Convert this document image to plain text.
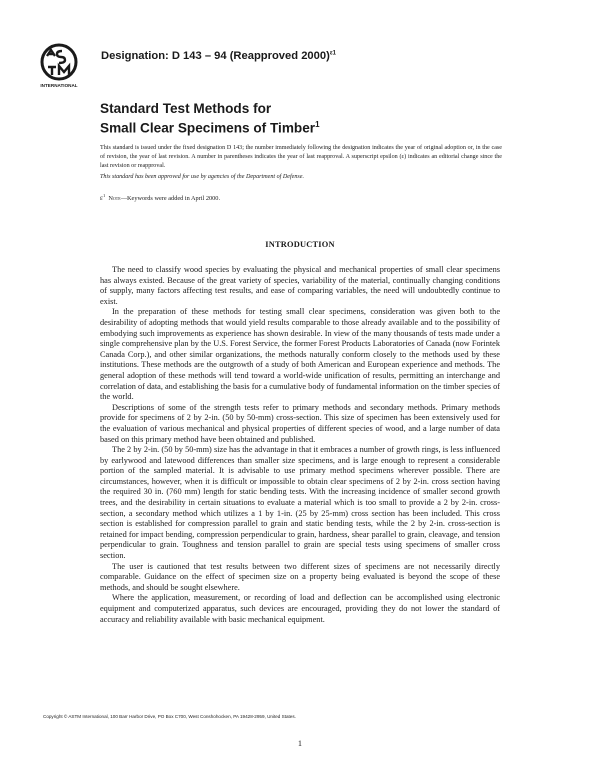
INTERNATIONAL
Designation: D 143 – 94 (Reapproved 2000)$^{\varepsilon 1}$
Standard Test Methods for
Small Clear Specimens of Timber$^1$
This standard is issued under the fixed designation D 143; the number immediately following the designation indicates the year of original adoption or, in the case of revision, the year of last revision. A number in parentheses indicates the year of last reapproval. A superscript epsilon (ε) indicates an editorial change since the last revision or reapproval.
This standard has been approved for use by agencies of the Department of Defense.
$\varepsilon^1$ Note—Keywords were added in April 2000.
INTRODUCTION

The need to classify wood species by evaluating the physical and mechanical properties of small clear specimens has always existed. Because of the great variety of species, variability of the material, continually changing conditions of supply, many factors affecting test results, and ease of comparing variables, the need will undoubtedly continue to exist.

In the preparation of these methods for testing small clear specimens, consideration was given both to the desirability of adopting methods that would yield results comparable to those already available and to the possibility of embodying such improvements as experience has shown desirable. In view of the many thousands of tests made under a single comprehensive plan by the U.S. Forest Service, the former Forest Products Laboratories of Canada (now Forintek Canada Corp.), and other similar organizations, the methods naturally conform closely to the methods used by these institutions. These methods are the outgrowth of a study of both American and European experience and methods. The general adoption of these methods will tend toward a world-wide unification of results, permitting an interchange and correlation of data, and establishing the basis for a cumulative body of fundamental information on the timber species of the world.

Descriptions of some of the strength tests refer to primary methods and secondary methods. Primary methods provide for specimens of 2 by 2-in. (50 by 50-mm) cross-section. This size of specimen has been extensively used for the evaluation of various mechanical and physical properties of different species of wood, and a large number of data based on this primary method have been obtained and published.

The 2 by 2-in. (50 by 50-mm) size has the advantage in that it embraces a number of growth rings, is less influenced by earlywood and latewood differences than smaller size specimens, and is large enough to represent a considerable portion of the sampled material. It is advisable to use primary method specimens wherever possible. There are circumstances, however, when it is difficult or impossible to obtain clear specimens of 2 by 2-in. cross section having the required 30 in. (760 mm) length for static bending tests. With the increasing incidence of smaller second growth trees, and the desirability in certain situations to evaluate a material which is too small to provide a 2 by 2-in. cross-section, a secondary method which utilizes a 1 by 1-in. (25 by 25-mm) cross section has been included. This cross section is established for compression parallel to grain and static bending tests, while the 2 by 2-in. cross-section is retained for impact bending, compression perpendicular to grain, hardness, shear parallel to grain, cleavage, and tension perpendicular to grain. Toughness and tension parallel to grain are special tests using specimens of smaller cross section.

The user is cautioned that test results between two different sizes of specimens are not necessarily directly comparable. Guidance on the effect of specimen size on a property being evaluated is beyond the scope of these methods, and should be sought elsewhere.

Where the application, measurement, or recording of load and deflection can be accomplished using electronic equipment and computerized apparatus, such devices are encouraged, providing they do not lower the standard of accuracy and reliability available with basic mechanical equipment.

Copyright © ASTM International, 100 Barr Harbor Drive, PO Box C700, West Conshohocken, PA 19428-2959, United States.
1
